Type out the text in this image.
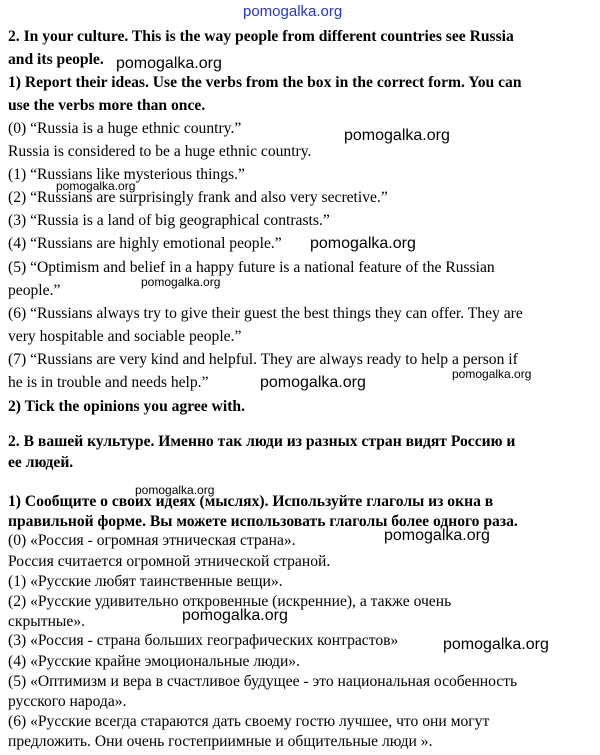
2. In your culture. This is the way people from different countries see Russia

and its people.

1) Report their ideas. Use the verbs from the box in the correct form. You can

use the verbs more than once.

(0) “Russia is a huge ethnic country.”

Russia is considered to be a huge ethnic country.

(1) “Russians like mysterious things.”

(2) “Russians are surprisingly frank and also very secretive.”

(3) “Russia is a land of big geographical contrasts.”

(4) “Russians are highly emotional people.”

(5) “Optimism and belief in a happy future is a national feature of the Russian

people.”

(6) “Russians always try to give their guest the best things they can offer. They are

very hospitable and sociable people.”

(7) “Russians are very kind and helpful. They are always ready to help a person if

he is in trouble and needs help.”

2) Tick the opinions you agree with.

2. В вашей культуре. Именно так люди из разных стран видят Россию и

ее людей.

1) Сообщите о своих идеях (мыслях). Используйте глаголы из окна в

правильной форме. Вы можете использовать глаголы более одного раза.

(0) «Россия - огромная этническая страна».

Россия считается огромной этнической страной.

(1) «Русские любят таинственные вещи».

(2) «Русские удивительно откровенные (искренние), а также очень

скрытные».

(3) «Россия - страна больших географических контрастов»

(4) «Русские крайне эмоциональные люди».

(5) «Оптимизм и вера в счастливое будущее - это национальная особенность

русского народа».

(6) «Русские всегда стараются дать своему гостю лучшее, что они могут

предложить. Они очень гостеприимные и общительные люди ».

pomogalka.org
pomogalka.org
pomogalka.org
pomogalka.org
pomogalka.org
pomogalka.org
pomogalka.org
pomogalka.org
pomogalka.org
pomogalka.org
pomogalka.org
pomogalka.org
